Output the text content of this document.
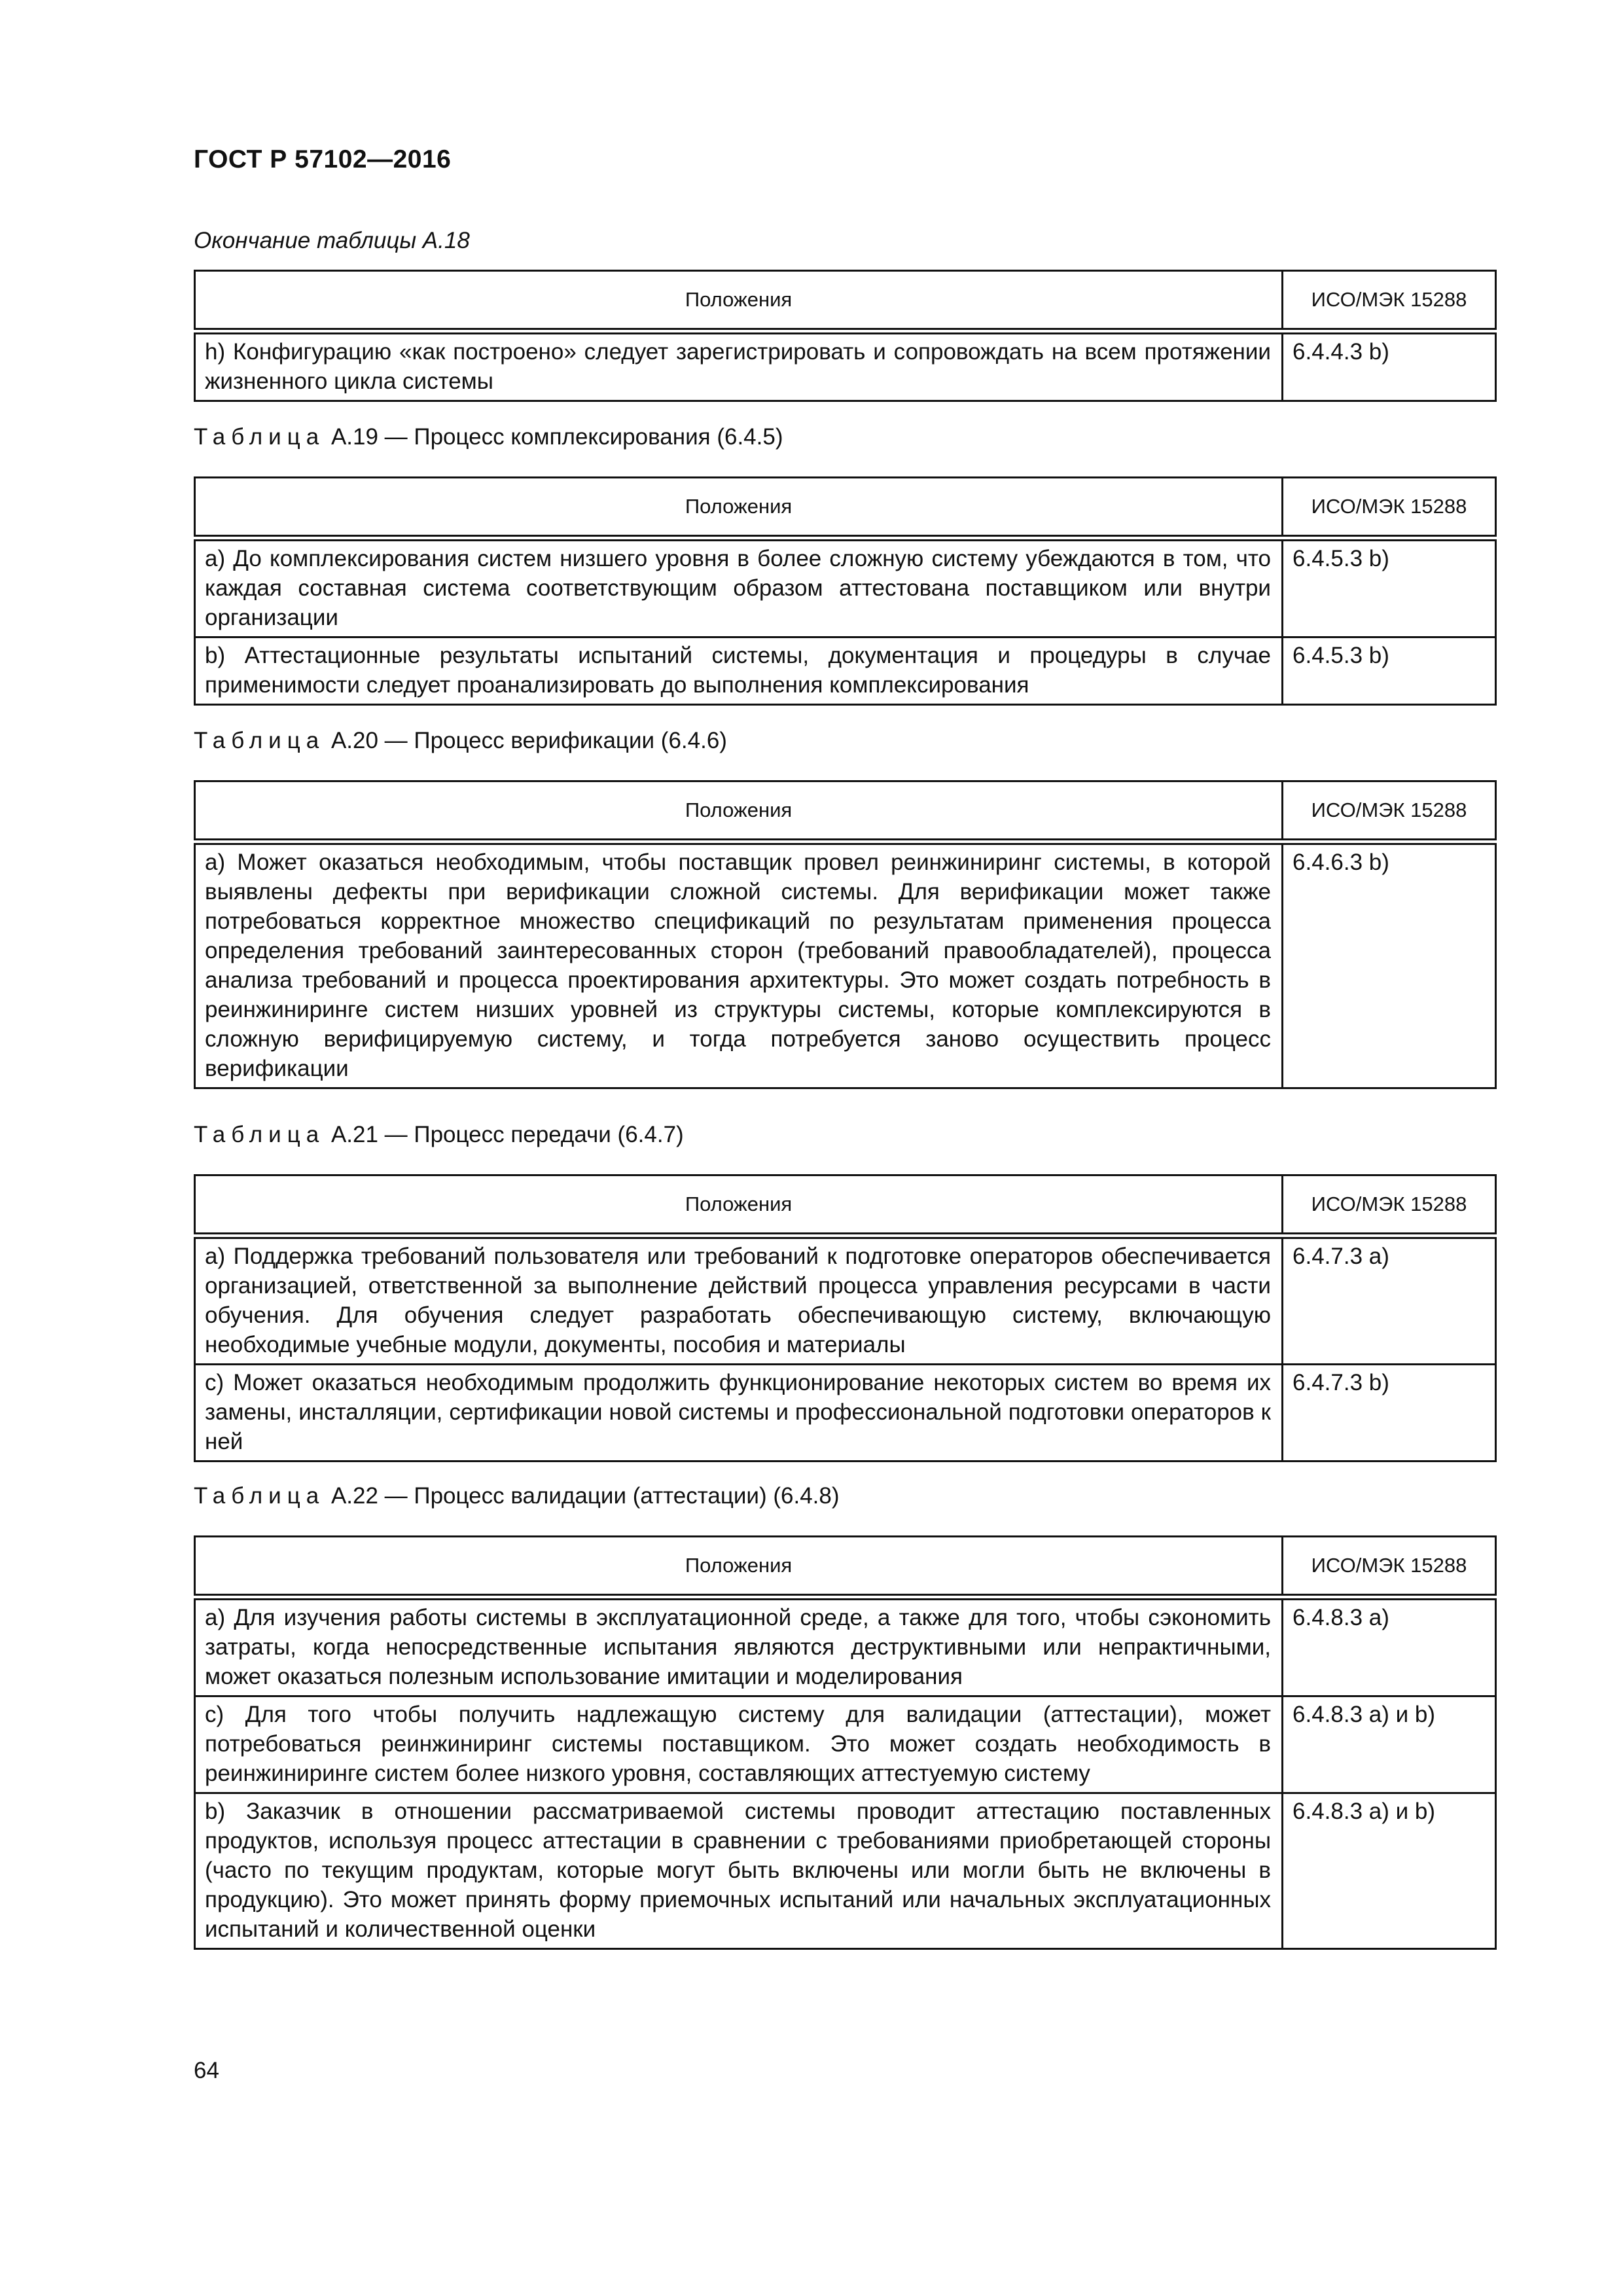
ГОСТ Р 57102—2016
Окончание таблицы А.18
Положения	ИСО/МЭК 15288
h) Конфигурацию «как построено» следует зарегистрировать и сопровождать на всем протяжении жизненного цикла системы	6.4.4.3 b)
Таблица А.19 — Процесс комплексирования (6.4.5)
Положения	ИСО/МЭК 15288
a) До комплексирования систем низшего уровня в более сложную систему убеждаются в том, что каждая составная система соответствующим образом аттестована поставщиком или внутри организации	6.4.5.3 b)
b) Аттестационные результаты испытаний системы, документация и процедуры в случае применимости следует проанализировать до выполнения комплексирования	6.4.5.3 b)
Таблица А.20 — Процесс верификации (6.4.6)
Положения	ИСО/МЭК 15288
a) Может оказаться необходимым, чтобы поставщик провел реинжиниринг системы, в которой выявлены дефекты при верификации сложной системы. Для верификации может также потребоваться корректное множество спецификаций по результатам применения процесса определения требований заинтересованных сторон (требований правообладателей), процесса анализа требований и процесса проектирования архитектуры. Это может создать потребность в реинжиниринге систем низших уровней из структуры системы, которые комплексируются в сложную верифицируемую систему, и тогда потребуется заново осуществить процесс верификации	6.4.6.3 b)
Таблица А.21 — Процесс передачи (6.4.7)
Положения	ИСО/МЭК 15288
a) Поддержка требований пользователя или требований к подготовке операторов обеспечивается организацией, ответственной за выполнение действий процесса управления ресурсами в части обучения. Для обучения следует разработать обеспечивающую систему, включающую необходимые учебные модули, документы, пособия и материалы	6.4.7.3 a)
c) Может оказаться необходимым продолжить функционирование некоторых систем во время их замены, инсталляции, сертификации новой системы и профессиональной подготовки операторов к ней	6.4.7.3 b)
Таблица А.22 — Процесс валидации (аттестации) (6.4.8)
Положения	ИСО/МЭК 15288
a) Для изучения работы системы в эксплуатационной среде, а также для того, чтобы сэкономить затраты, когда непосредственные испытания являются деструктивными или непрактичными, может оказаться полезным использование имитации и моделирования	6.4.8.3 a)
c) Для того чтобы получить надлежащую систему для валидации (аттестации), может потребоваться реинжиниринг системы поставщиком. Это может создать необходимость в реинжиниринге систем более низкого уровня, составляющих аттестуемую систему	6.4.8.3 a) и b)
b) Заказчик в отношении рассматриваемой системы проводит аттестацию поставленных продуктов, используя процесс аттестации в сравнении с требованиями приобретающей стороны (часто по текущим продуктам, которые могут быть включены или могли быть не включены в продукцию). Это может принять форму приемочных испытаний или начальных эксплуатационных испытаний и количественной оценки	6.4.8.3 a) и b)
64
